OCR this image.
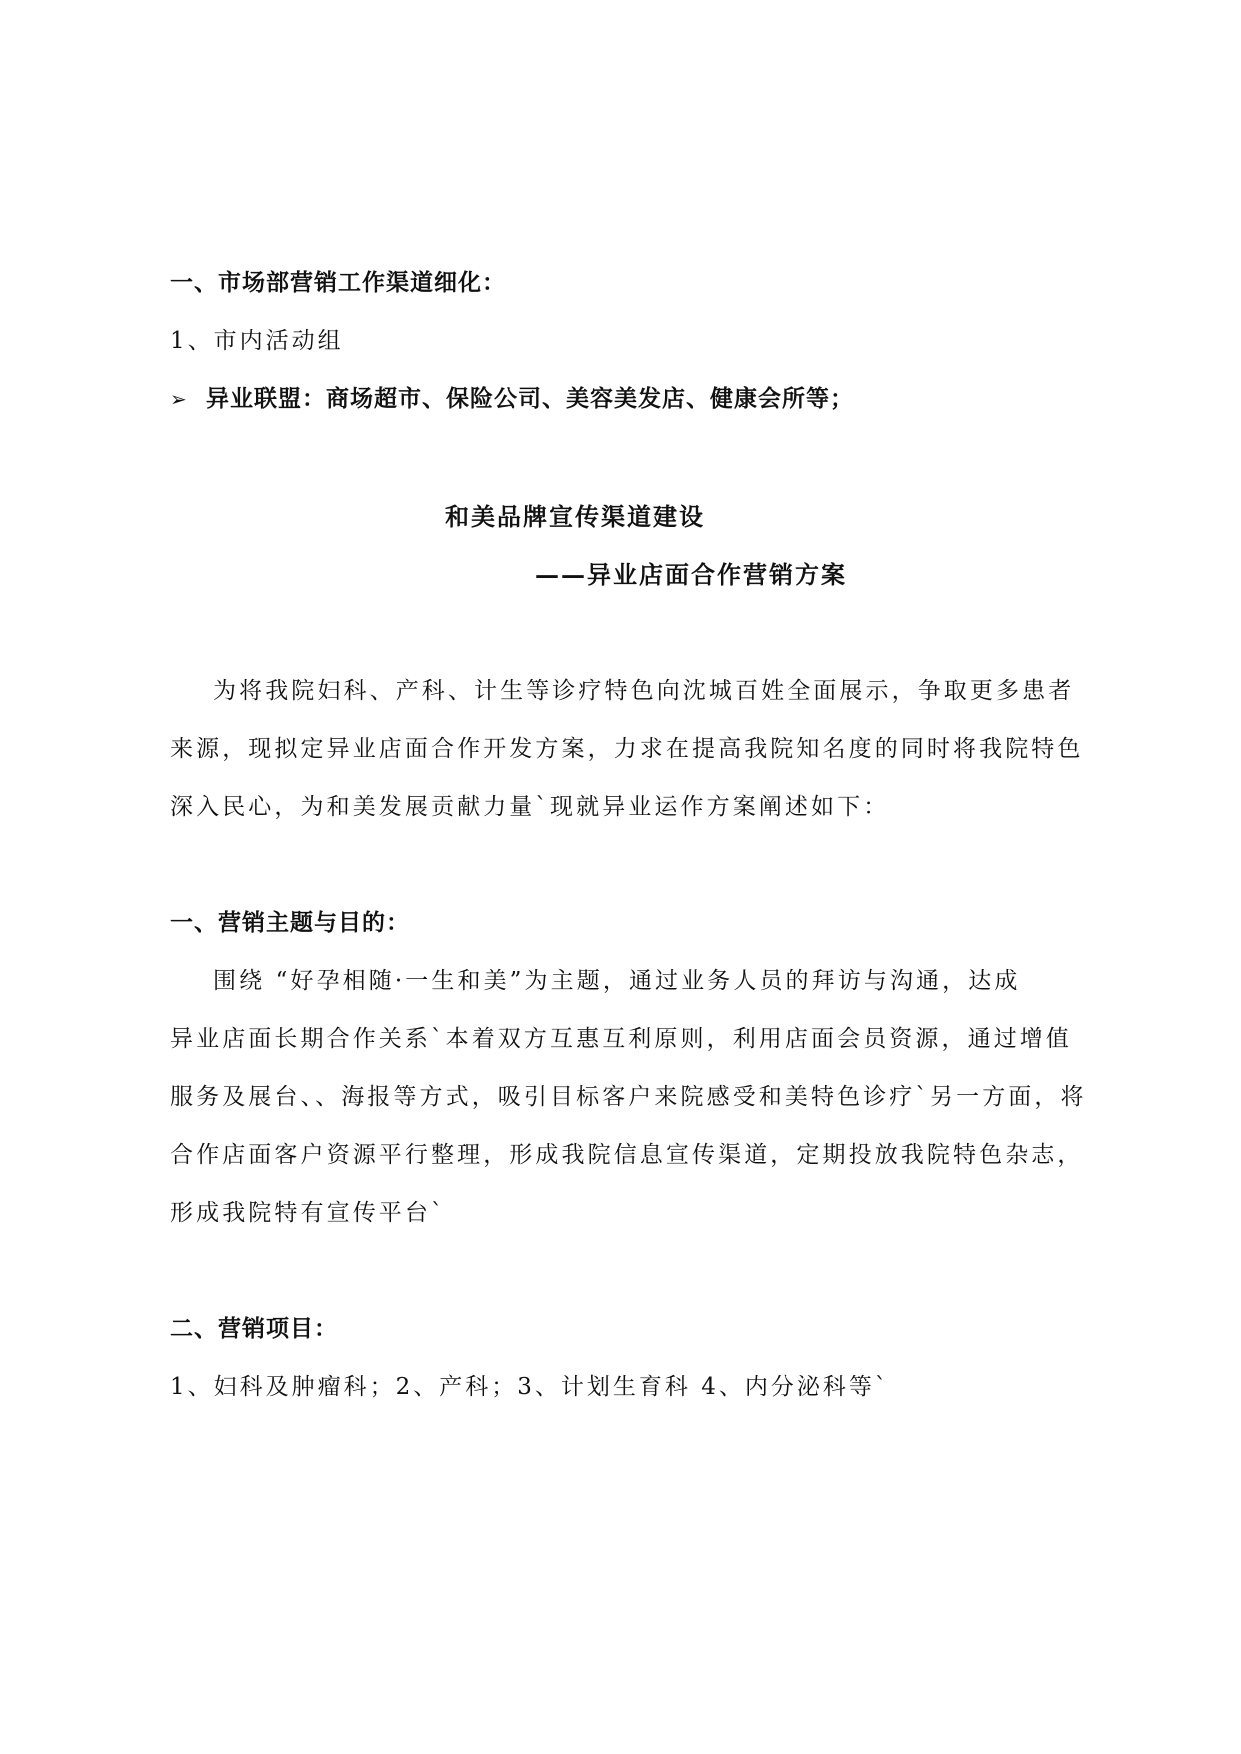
一、市场部营销工作渠道细化：
1、市内活动组
➢ 异业联盟：商场超市、保险公司、美容美发店、健康会所等；
和美品牌宣传渠道建设
——异业店面合作营销方案
为将我院妇科、产科、计生等诊疗特色向沈城百姓全面展示，争取更多患者
来源，现拟定异业店面合作开发方案，力求在提高我院知名度的同时将我院特色
深入民心，为和美发展贡献力量`现就异业运作方案阐述如下：
一、营销主题与目的：
围绕 “好孕相随·一生和美”为主题，通过业务人员的拜访与沟通，达成
异业店面长期合作关系`本着双方互惠互利原则，利用店面会员资源，通过增值
服务及展台、、海报等方式，吸引目标客户来院感受和美特色诊疗`另一方面，将
合作店面客户资源平行整理，形成我院信息宣传渠道，定期投放我院特色杂志，
形成我院特有宣传平台`
二、营销项目：
1、妇科及肿瘤科；2、产科；3、计划生育科 4、内分泌科等`
